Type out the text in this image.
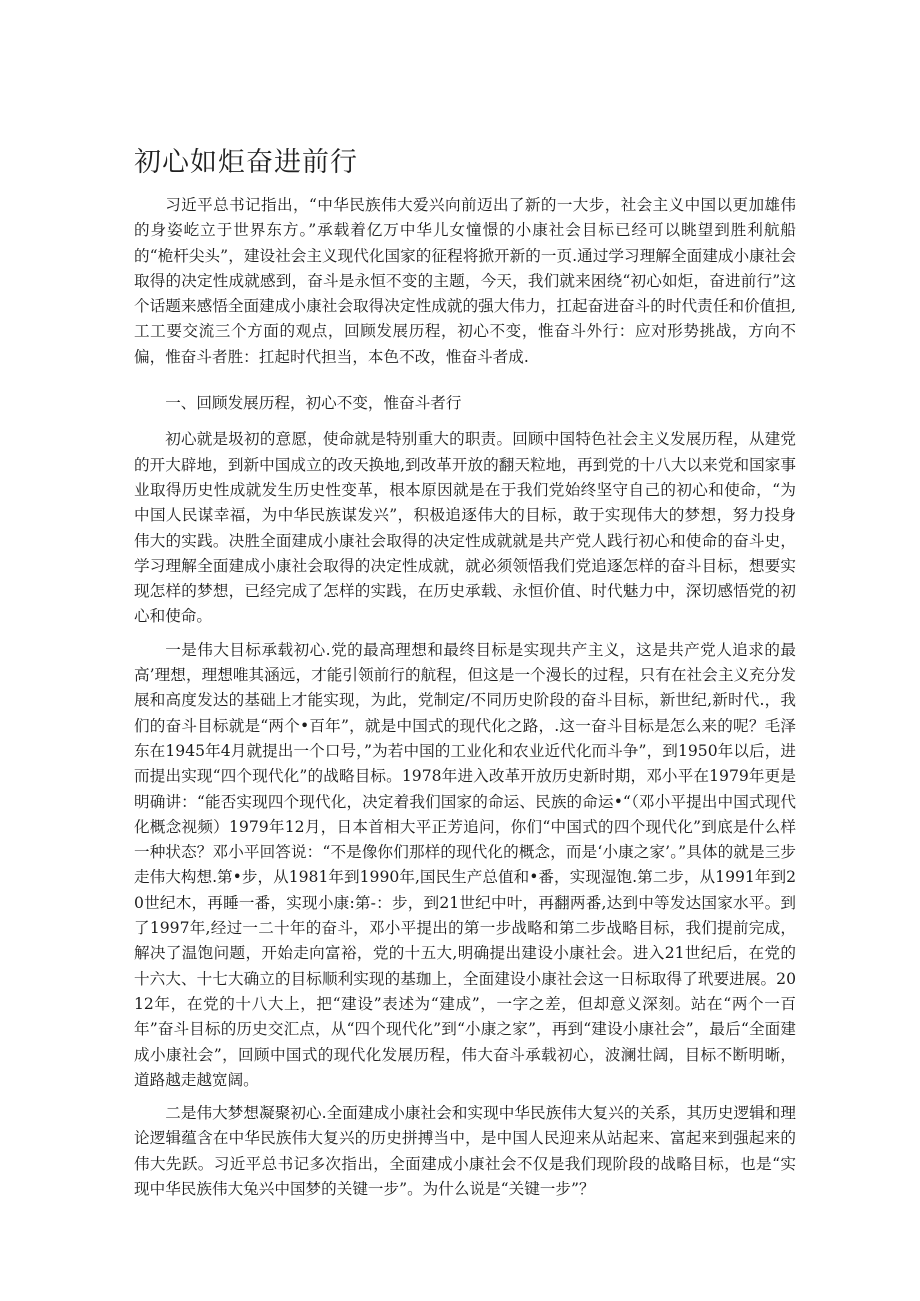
初心如炬奋进前行

习近平总书记指出，“中华民族伟大爱兴向前迈出了新的一大步，社会主义中国以更加雄伟的身姿屹立于世界东方。”承载着亿万中华儿女憧憬的小康社会目标已经可以眺望到胜利航船的“桅杆尖头”，建设社会主义现代化国家的征程将掀开新的一页.通过学习理解全面建成小康社会取得的决定性成就感到，奋斗是永恒不变的主题，今天，我们就来困绕“初心如炬，奋进前行”这个话题来感悟全面建成小康社会取得决定性成就的强大伟力，扛起奋进奋斗的时代责任和价值担,工工要交流三个方面的观点，回顾发展历程，初心不变，惟奋斗外行：应对形势挑战，方向不偏，惟奋斗者胜：扛起时代担当，本色不改，惟奋斗者成.

一、回顾发展历程，初心不变，惟奋斗者行

初心就是圾初的意愿，使命就是特别重大的职责。回顾中国特色社会主义发展历程，从建党的开大辟地，到新中国成立的改天换地,到改革开放的翻天粒地，再到党的十八大以来党和国家事业取得历史性成就发生历史性变革，根本原因就是在于我们党始终坚守自己的初心和使命，“为中国人民谋幸福，为中华民族谋发兴”，积极追逐伟大的目标，敢于实现伟大的梦想，努力投身伟大的实践。决胜全面建成小康社会取得的决定性成就就是共产党人践行初心和使命的奋斗史，学习理解全面建成小康社会取得的决定性成就，就必须领悟我们党追逐怎样的奋斗目标，想要实现怎样的梦想，已经完成了怎样的实践，在历史承载、永恒价值、时代魅力中，深切感悟党的初心和使命。

一是伟大目标承载初心.党的最高理想和最终目标是实现共产主义，这是共产党人追求的最高’理想，理想唯其涵远，才能引领前行的航程，但这是一个漫长的过程，只有在社会主义充分发展和高度发达的基础上才能实现，为此，党制定/不同历史阶段的奋斗目标，新世纪,新时代.，我们的奋斗目标就是“两个•百年”，就是中国式的现代化之路，.这一奋斗目标是怎么来的呢？毛泽东在1945年4月就提出一个口号，”为若中国的工业化和农业近代化而斗争”，到1950年以后，进而提出实现“四个现代化”的战略目标。1978年进入改革开放历史新时期，邓小平在1979年更是明确讲：“能否实现四个现代化，决定着我们国家的命运、民族的命运•“（邓小平提出中国式现代化概念视频）1979年12月，日本首相大平正芳追问，你们“中国式的四个现代化”到底是什么样一种状态？邓小平回答说：“不是像你们那样的现代化的概念，而是‘小康之家’。”具体的就是三步走伟大构想.第•步，从1981年到1990年,国民生产总值和•番，实现湿饱.第二步，从1991年到20世纪木，再睡一番，实现小康:第-：步，到21世纪中叶，再翻两番,达到中等发达国家水平。到了1997年,经过一二十年的奋斗，邓小平提出的第一步战略和第二步战略目标，我们提前完成，解决了温饱问题，开始走向富裕，党的十五大,明确提出建设小康社会。进入21世纪后，在党的十六大、十七大确立的目标顺利实现的基珈上，全面建设小康社会这一日标取得了玳要进展。2012年，在党的十八大上，把“建设”表述为“建成”，一字之差，但却意义深刻。站在“两个一百年”奋斗目标的历史交汇点，从“四个现代化”到“小康之家”，再到“建设小康社会”，最后“全面建成小康社会”，回顾中国式的现代化发展历程，伟大奋斗承载初心，波澜壮阔，目标不断明晰，道路越走越宽阔。

二是伟大梦想凝聚初心.全面建成小康社会和实现中华民族伟大复兴的关系，其历史逻辑和理论逻辑蕴含在中华民族伟大复兴的历史拼搏当中，是中国人民迎来从站起来、富起来到强起来的伟大先跃。习近平总书记多次指出，全面建成小康社会不仅是我们现阶段的战略目标，也是“实现中华民族伟大兔兴中国梦的关键一步”。为什么说是“关键一步”？
